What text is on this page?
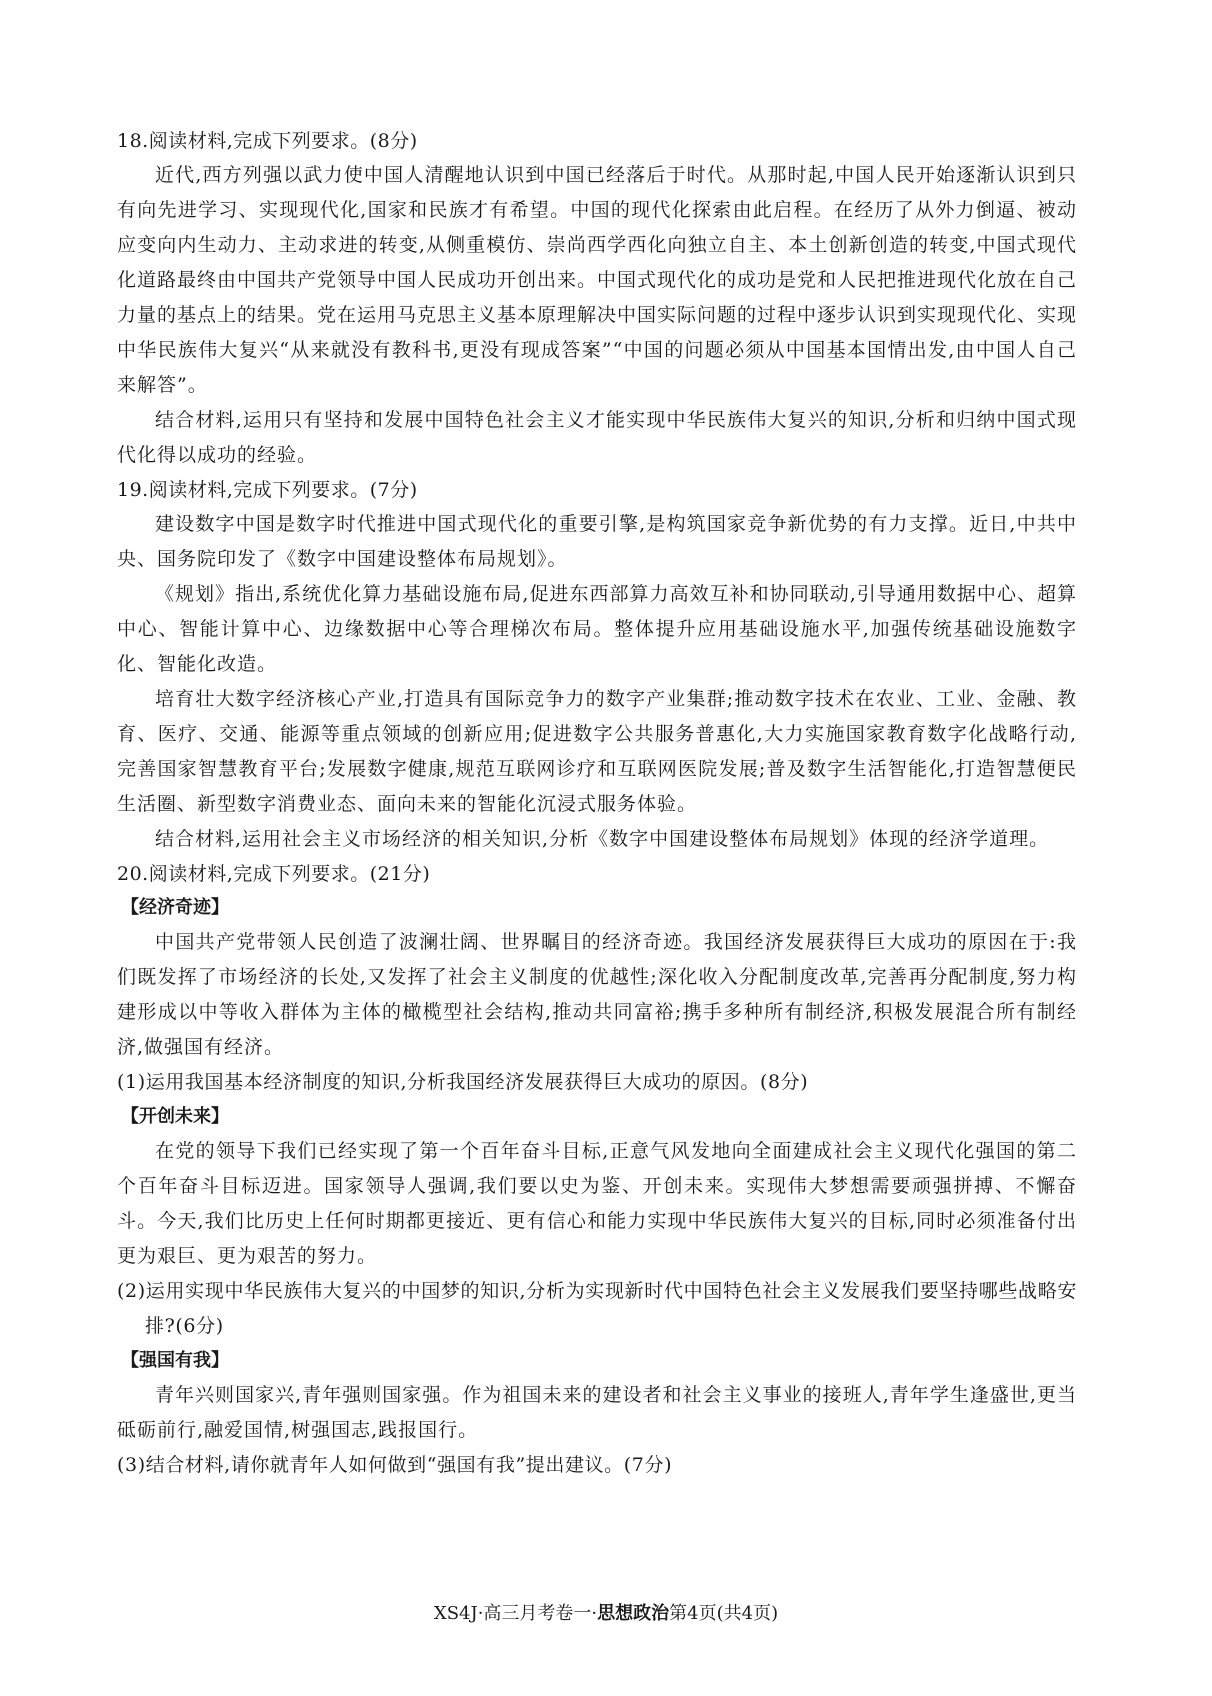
18.阅读材料,完成下列要求。(8分)

近代,西方列强以武力使中国人清醒地认识到中国已经落后于时代。从那时起,中国人民开始逐渐认识到只有向先进学习、实现现代化,国家和民族才有希望。中国的现代化探索由此启程。在经历了从外力倒逼、被动应变向内生动力、主动求进的转变,从侧重模仿、崇尚西学西化向独立自主、本土创新创造的转变,中国式现代化道路最终由中国共产党领导中国人民成功开创出来。中国式现代化的成功是党和人民把推进现代化放在自己力量的基点上的结果。党在运用马克思主义基本原理解决中国实际问题的过程中逐步认识到实现现代化、实现中华民族伟大复兴“从来就没有教科书,更没有现成答案”“中国的问题必须从中国基本国情出发,由中国人自己来解答”。

结合材料,运用只有坚持和发展中国特色社会主义才能实现中华民族伟大复兴的知识,分析和归纳中国式现代化得以成功的经验。

19.阅读材料,完成下列要求。(7分)

建设数字中国是数字时代推进中国式现代化的重要引擎,是构筑国家竞争新优势的有力支撑。近日,中共中央、国务院印发了《数字中国建设整体布局规划》。

《规划》指出,系统优化算力基础设施布局,促进东西部算力高效互补和协同联动,引导通用数据中心、超算中心、智能计算中心、边缘数据中心等合理梯次布局。整体提升应用基础设施水平,加强传统基础设施数字化、智能化改造。

培育壮大数字经济核心产业,打造具有国际竞争力的数字产业集群;推动数字技术在农业、工业、金融、教育、医疗、交通、能源等重点领域的创新应用;促进数字公共服务普惠化,大力实施国家教育数字化战略行动,完善国家智慧教育平台;发展数字健康,规范互联网诊疗和互联网医院发展;普及数字生活智能化,打造智慧便民生活圈、新型数字消费业态、面向未来的智能化沉浸式服务体验。

结合材料,运用社会主义市场经济的相关知识,分析《数字中国建设整体布局规划》体现的经济学道理。

20.阅读材料,完成下列要求。(21分)

【经济奇迹】

中国共产党带领人民创造了波澜壮阔、世界瞩目的经济奇迹。我国经济发展获得巨大成功的原因在于:我们既发挥了市场经济的长处,又发挥了社会主义制度的优越性;深化收入分配制度改革,完善再分配制度,努力构建形成以中等收入群体为主体的橄榄型社会结构,推动共同富裕;携手多种所有制经济,积极发展混合所有制经济,做强国有经济。

(1)运用我国基本经济制度的知识,分析我国经济发展获得巨大成功的原因。(8分)

【开创未来】

在党的领导下我们已经实现了第一个百年奋斗目标,正意气风发地向全面建成社会主义现代化强国的第二个百年奋斗目标迈进。国家领导人强调,我们要以史为鉴、开创未来。实现伟大梦想需要顽强拼搏、不懈奋斗。今天,我们比历史上任何时期都更接近、更有信心和能力实现中华民族伟大复兴的目标,同时必须准备付出更为艰巨、更为艰苦的努力。

(2)运用实现中华民族伟大复兴的中国梦的知识,分析为实现新时代中国特色社会主义发展我们要坚持哪些战略安排?(6分)

【强国有我】

青年兴则国家兴,青年强则国家强。作为祖国未来的建设者和社会主义事业的接班人,青年学生逢盛世,更当砥砺前行,融爱国情,树强国志,践报国行。

(3)结合材料,请你就青年人如何做到“强国有我”提出建议。(7分)

XS4J·高三月考卷一·思想政治第4页(共4页)
